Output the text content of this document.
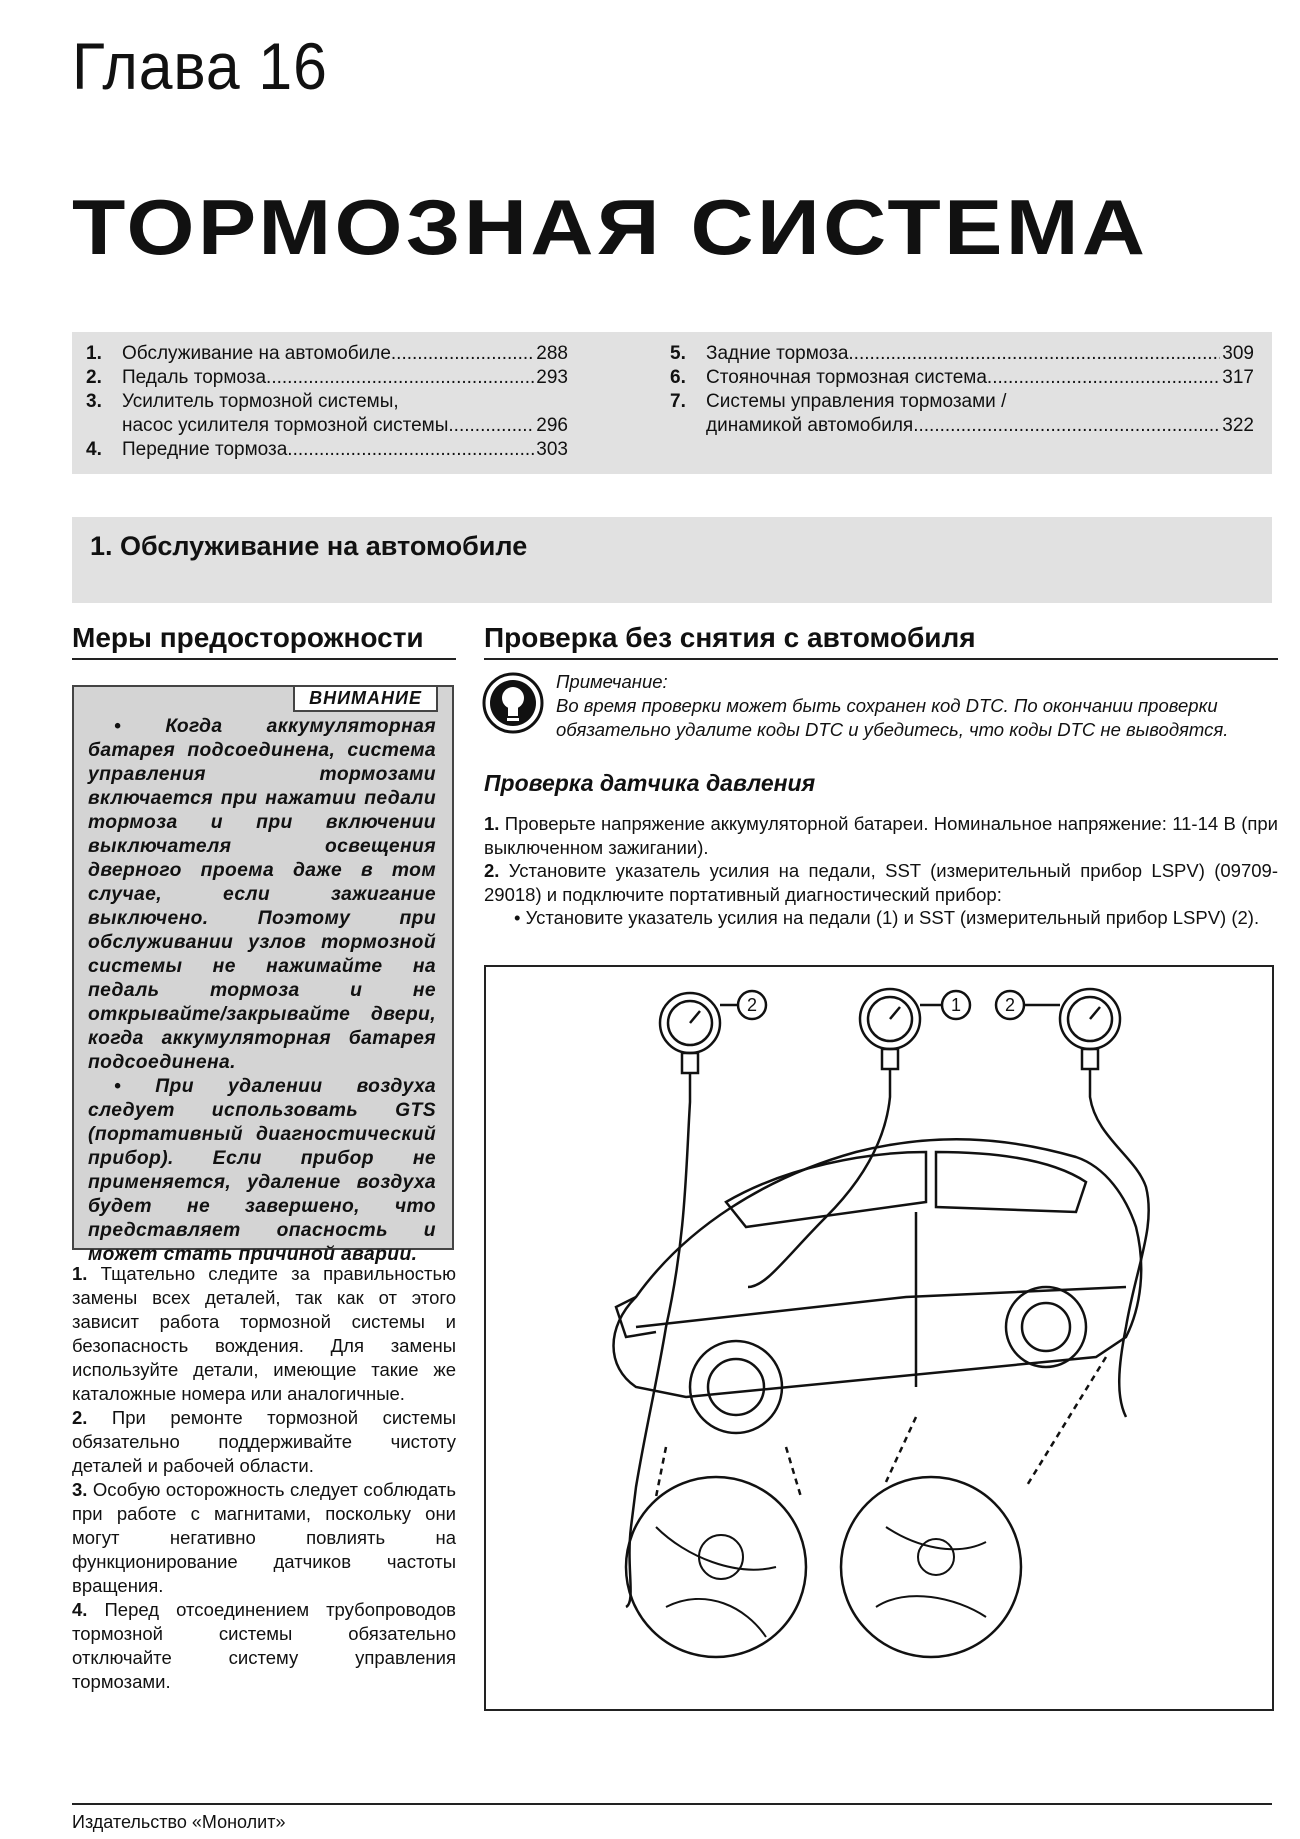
Глава 16
ТОРМОЗНАЯ СИСТЕМА
1.	Обслуживание на автомобиле .....	288
2.	Педаль тормоза .....	293
3.	Усилитель тормозной системы,
насос усилителя тормозной системы .....	296
4.	Передние тормоза .....	303
5.	Задние тормоза .....	309
6.	Стояночная тормозная система .....	317
7.	Системы управления тормозами /
динамикой автомобиля .....	322
1. Обслуживание на автомобиле
Меры предосторожности	Проверка без снятия с автомобиля
ВНИМАНИЕ

• Когда аккумуляторная батарея подсоединена, система управления тормозами включается при нажатии педали тормоза и при включении выключателя освещения дверного проема даже в том случае, если зажигание выключено. Поэтому при обслуживании узлов тормозной системы не нажимайте на педаль тормоза и не открывайте/закрывайте двери, когда аккумуляторная батарея подсоединена.

• При удалении воздуха следует использовать GTS (портативный диагностический прибор). Если прибор не применяется, удаление воздуха будет не завершено, что представляет опасность и может стать причиной аварии.

1. Тщательно следите за правильностью замены всех деталей, так как от этого зависит работа тормозной системы и безопасность вождения. Для замены используйте детали, имеющие такие же каталожные номера или аналогичные.

2. При ремонте тормозной системы обязательно поддерживайте чистоту деталей и рабочей области.

3. Особую осторожность следует соблюдать при работе с магнитами, поскольку они могут негативно повлиять на функционирование датчиков частоты вращения.

4. Перед отсоединением трубопроводов тормозной системы обязательно отключайте систему управления тормозами.

Примечание:
Во время проверки может быть сохранен код DTC. По окончании проверки
обязательно удалите коды DTC и убедитесь, что коды DTC не выводятся.
Проверка датчика давления

1. Проверьте напряжение аккумуляторной батареи. Номинальное напряжение: 11-14 В (при выключенном зажигании).

2. Установите указатель усилия на педали, SST (измерительный прибор LSPV) (09709-29018) и подключите портативный диагностический прибор:

• Установите указатель усилия на педали (1) и SST (измерительный прибор LSPV) (2).

2	1 2
Издательство «Монолит»
